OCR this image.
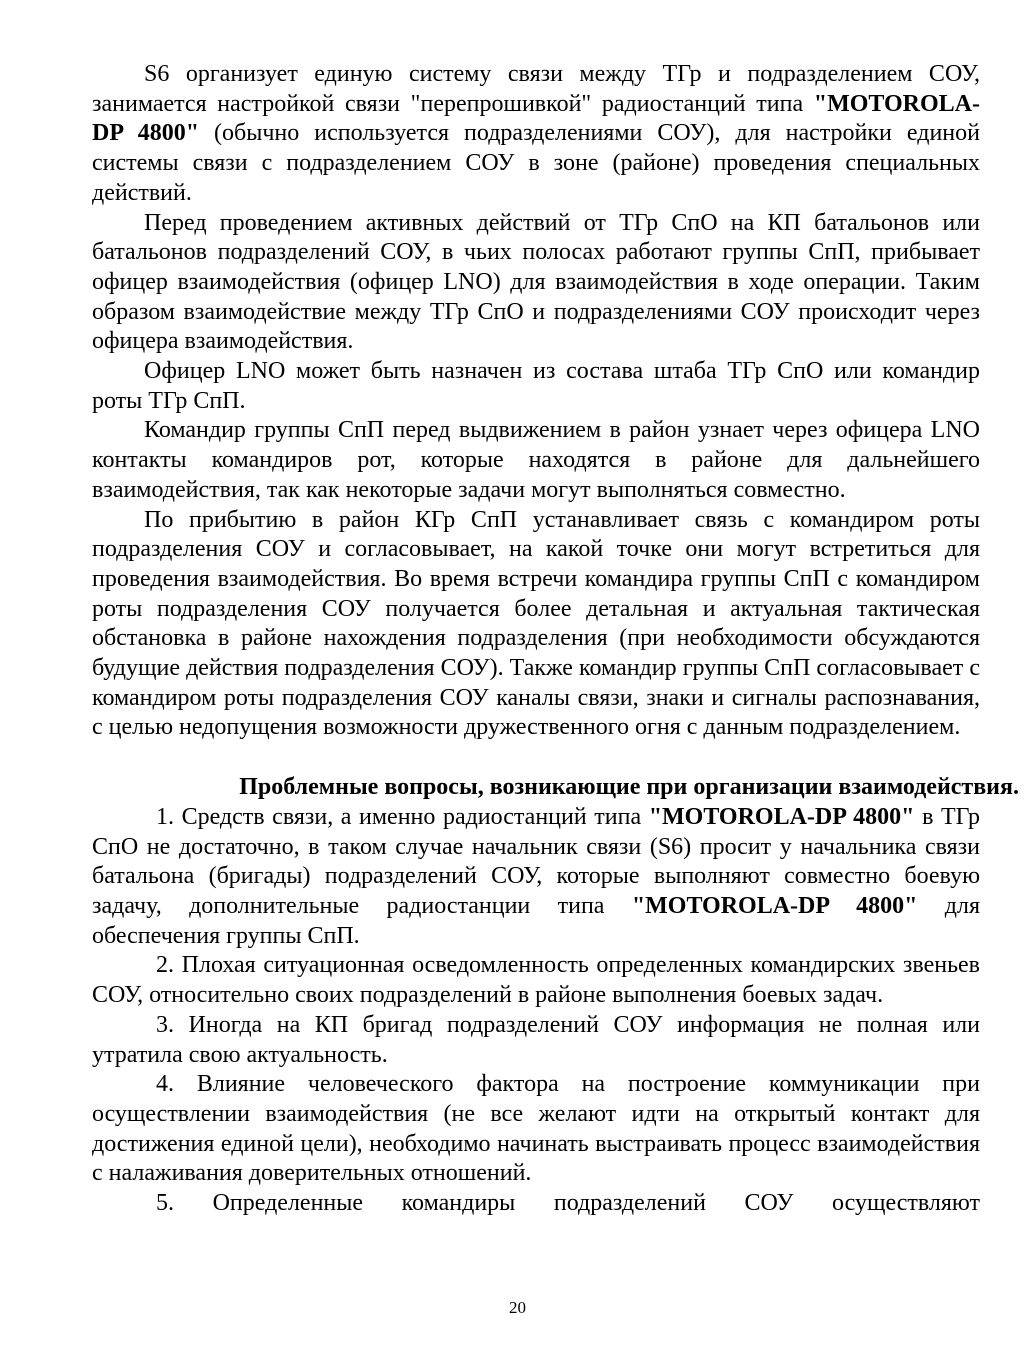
S6 организует единую систему связи между ТГр и подразделением СОУ, занимается настройкой связи "перепрошивкой" радиостанций типа "MOTOROLA-DP 4800" (обычно используется подразделениями СОУ), для настройки единой системы связи с подразделением СОУ в зоне (районе) проведения специальных действий.

Перед проведением активных действий от ТГр СпО на КП батальонов или батальонов подразделений СОУ, в чьих полосах работают группы СпП, прибывает офицер взаимодействия (офицер LNO) для взаимодействия в ходе операции. Таким образом взаимодействие между ТГр СпО и подразделениями СОУ происходит через офицера взаимодействия.

Офицер LNO может быть назначен из состава штаба ТГр СпО или командир роты ТГр СпП.

Командир группы СпП перед выдвижением в район узнает через офицера LNO контакты командиров рот, которые находятся в районе для дальнейшего взаимодействия, так как некоторые задачи могут выполняться совместно.

По прибытию в район КГр СпП устанавливает связь с командиром роты подразделения СОУ и согласовывает, на какой точке они могут встретиться для проведения взаимодействия. Во время встречи командира группы СпП с командиром роты подразделения СОУ получается более детальная и актуальная тактическая обстановка в районе нахождения подразделения (при необходимости обсуждаются будущие действия подразделения СОУ). Также командир группы СпП согласовывает с командиром роты подразделения СОУ каналы связи, знаки и сигналы распознавания, с целью недопущения возможности дружественного огня с данным подразделением.

Проблемные вопросы, возникающие при организации взаимодействия.

1. Средств связи, а именно радиостанций типа "MOTOROLA-DP 4800" в ТГр СпО не достаточно, в таком случае начальник связи (S6) просит у начальника связи батальона (бригады) подразделений СОУ, которые выполняют совместно боевую задачу, дополнительные радиостанции типа "MOTOROLA-DP 4800" для обеспечения группы СпП.

2. Плохая ситуационная осведомленность определенных командирских звеньев СОУ, относительно своих подразделений в районе выполнения боевых задач.

3. Иногда на КП бригад подразделений СОУ информация не полная или утратила свою актуальность.

4. Влияние человеческого фактора на построение коммуникации при осуществлении взаимодействия (не все желают идти на открытый контакт для достижения единой цели), необходимо начинать выстраивать процесс взаимодействия с налаживания доверительных отношений.

5. Определенные командиры подразделений СОУ осуществляют

20
